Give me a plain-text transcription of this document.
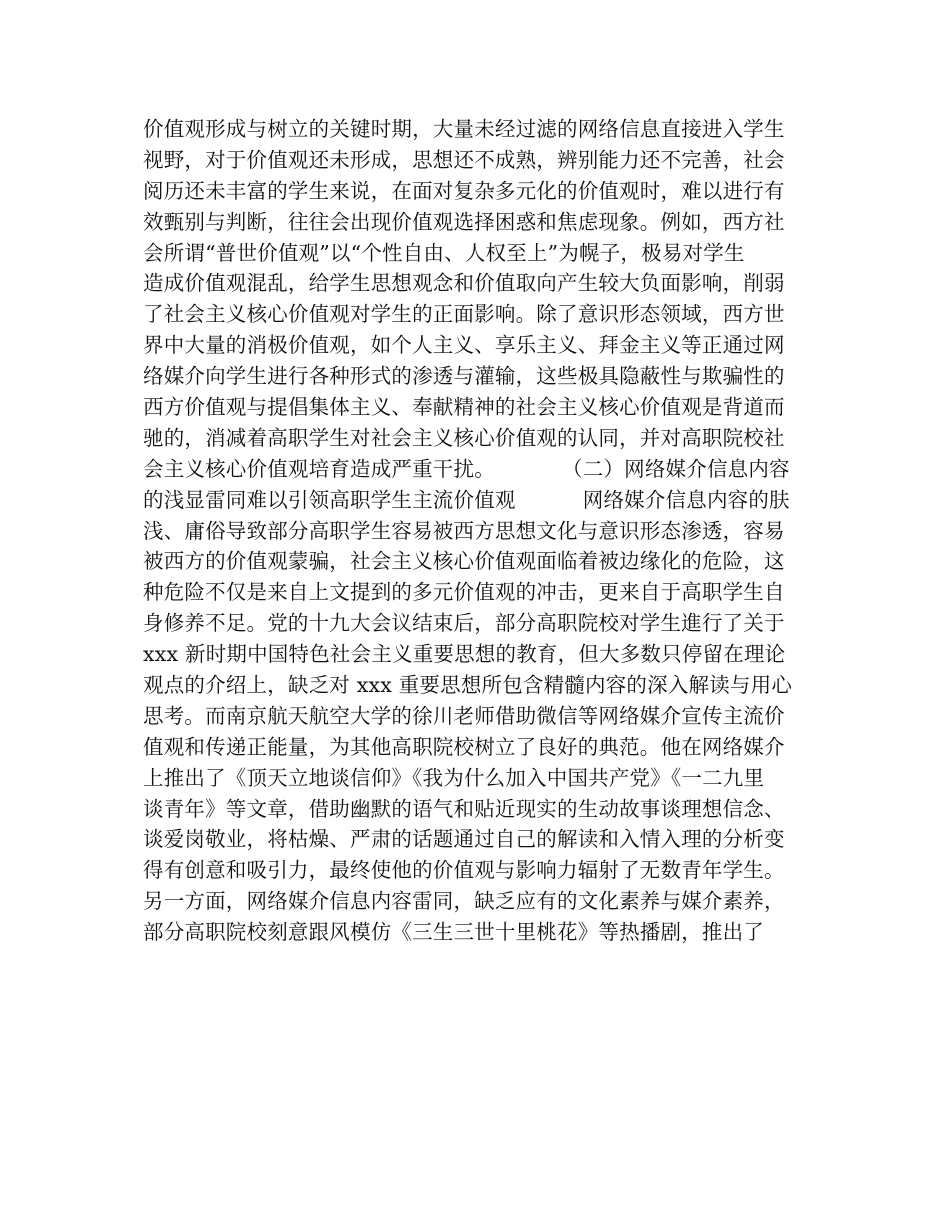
价值观形成与树立的关键时期，大量未经过滤的网络信息直接进入学生
视野，对于价值观还未形成，思想还不成熟，辨别能力还不完善，社会
阅历还未丰富的学生来说，在面对复杂多元化的价值观时，难以进行有
效甄别与判断，往往会出现价值观选择困惑和焦虑现象。例如，西方社
会所谓“普世价值观”以“个性自由、人权至上”为幌子，极易对学生
造成价值观混乱，给学生思想观念和价值取向产生较大负面影响，削弱
了社会主义核心价值观对学生的正面影响。除了意识形态领域，西方世
界中大量的消极价值观，如个人主义、享乐主义、拜金主义等正通过网
络媒介向学生进行各种形式的渗透与灌输，这些极具隐蔽性与欺骗性的
西方价值观与提倡集体主义、奉献精神的社会主义核心价值观是背道而
驰的，消减着高职学生对社会主义核心价值观的认同，并对高职院校社
会主义核心价值观培育造成严重干扰。          （二）网络媒介信息内容
的浅显雷同难以引领高职学生主流价值观          网络媒介信息内容的肤
浅、庸俗导致部分高职学生容易被西方思想文化与意识形态渗透，容易
被西方的价值观蒙骗，社会主义核心价值观面临着被边缘化的危险，这
种危险不仅是来自上文提到的多元价值观的冲击，更来自于高职学生自
身修养不足。党的十九大会议结束后，部分高职院校对学生進行了关于
xxx 新时期中国特色社会主义重要思想的教育，但大多数只停留在理论
观点的介绍上，缺乏对 xxx 重要思想所包含精髓内容的深入解读与用心
思考。而南京航天航空大学的徐川老师借助微信等网络媒介宣传主流价
值观和传递正能量，为其他高职院校树立了良好的典范。他在网络媒介
上推出了《顶天立地谈信仰》《我为什么加入中国共产党》《一二九里
谈青年》等文章，借助幽默的语气和贴近现实的生动故事谈理想信念、
谈爱岗敬业，将枯燥、严肃的话题通过自己的解读和入情入理的分析变
得有创意和吸引力，最终使他的价值观与影响力辐射了无数青年学生。
另一方面，网络媒介信息内容雷同，缺乏应有的文化素养与媒介素养，
部分高职院校刻意跟风模仿《三生三世十里桃花》等热播剧，推出了
